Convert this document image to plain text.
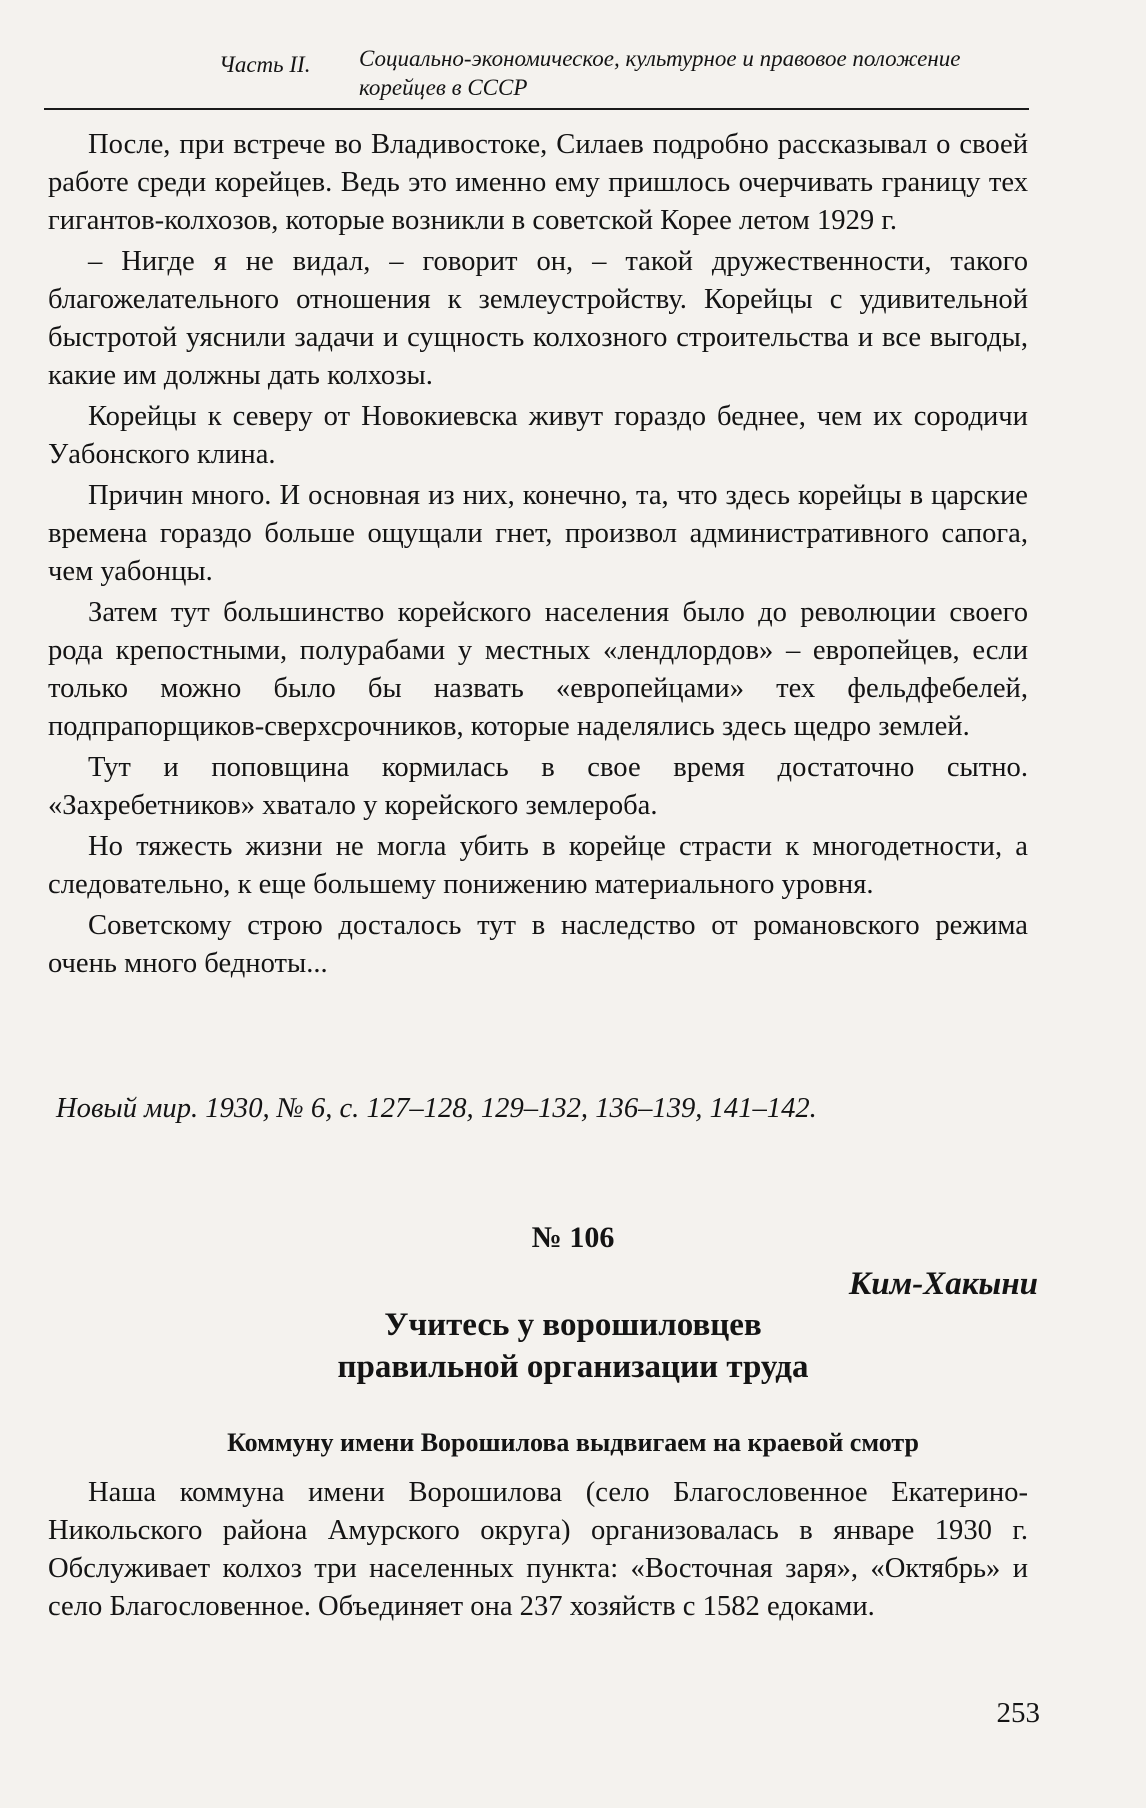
Часть II. Социально-экономическое, культурное и правовое положение
корейцев в СССР

После, при встрече во Владивостоке, Силаев подробно рассказывал о своей работе среди корейцев. Ведь это именно ему пришлось очерчивать границу тех гигантов-колхозов, которые возникли в советской Корее летом 1929 г.

– Нигде я не видал, – говорит он, – такой дружественности, такого благожелательного отношения к землеустройству. Корейцы с удивительной быстротой уяснили задачи и сущность колхозного строительства и все выгоды, какие им должны дать колхозы.

Корейцы к северу от Новокиевска живут гораздо беднее, чем их сородичи Уабонского клина.

Причин много. И основная из них, конечно, та, что здесь корейцы в царские времена гораздо больше ощущали гнет, произвол административного сапога, чем уабонцы.

Затем тут большинство корейского населения было до революции своего рода крепостными, полурабами у местных «лендлордов» – европейцев, если только можно было бы назвать «европейцами» тех фельдфебелей, подпрапорщиков-сверхсрочников, которые наделялись здесь щедро землей.

Тут и поповщина кормилась в свое время достаточно сытно. «Захребетников» хватало у корейского землероба.

Но тяжесть жизни не могла убить в корейце страсти к многодетности, а следовательно, к еще большему понижению материального уровня.

Советскому строю досталось тут в наследство от романовского режима очень много бедноты...

Новый мир. 1930, № 6, с. 127–128, 129–132, 136–139, 141–142.
№ 106
Ким-Хакыни
Учитесь у ворошиловцев
правильной организации труда
Коммуну имени Ворошилова выдвигаем на краевой смотр

Наша коммуна имени Ворошилова (село Благословенное Екатерино-Никольского района Амурского округа) организовалась в январе 1930 г. Обслуживает колхоз три населенных пункта: «Восточная заря», «Октябрь» и село Благословенное. Объединяет она 237 хозяйств с 1582 едоками.

253
